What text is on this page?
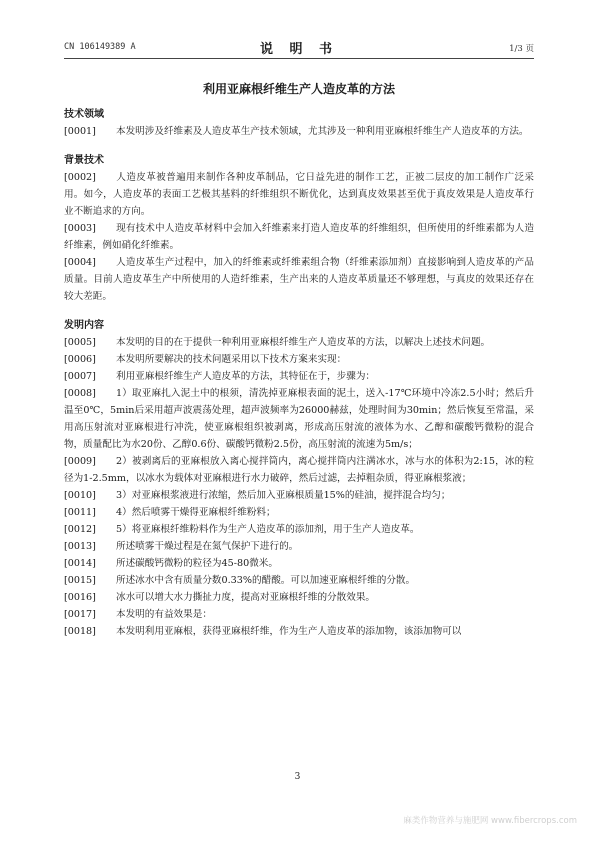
CN 106149389 A	说 明 书	1/3 页
利用亚麻根纤维生产人造皮革的方法

技术领域

[0001] 本发明涉及纤维素及人造皮革生产技术领域，尤其涉及一种利用亚麻根纤维生产人造皮革的方法。

背景技术

[0002] 人造皮革被普遍用来制作各种皮革制品，它日益先进的制作工艺，正被二层皮的加工制作广泛采用。如今，人造皮革的表面工艺极其基料的纤维组织不断优化，达到真皮效果甚至优于真皮效果是人造皮革行业不断追求的方向。

[0003] 现有技术中人造皮革材料中会加入纤维素来打造人造皮革的纤维组织，但所使用的纤维素都为人造纤维素，例如硝化纤维素。

[0004] 人造皮革生产过程中，加入的纤维素或纤维素组合物（纤维素添加剂）直接影响到人造皮革的产品质量。目前人造皮革生产中所使用的人造纤维素，生产出来的人造皮革质量还不够理想，与真皮的效果还存在较大差距。

发明内容

[0005] 本发明的目的在于提供一种利用亚麻根纤维生产人造皮革的方法，以解决上述技术问题。

[0006] 本发明所要解决的技术问题采用以下技术方案来实现：

[0007] 利用亚麻根纤维生产人造皮革的方法，其特征在于，步骤为：

[0008] 1）取亚麻扎入泥土中的根须，清洗掉亚麻根表面的泥土，送入-17℃环境中冷冻2.5小时；然后升温至0℃，5min后采用超声波震荡处理，超声波频率为26000赫兹，处理时间为30min；然后恢复至常温，采用高压射流对亚麻根进行冲洗，使亚麻根组织被剥离，形成高压射流的液体为水、乙醇和碳酸钙微粉的混合物，质量配比为水20份、乙醇0.6份、碳酸钙微粉2.5份，高压射流的流速为5m/s；

[0009] 2）被剥离后的亚麻根放入离心搅拌筒内，离心搅拌筒内注满冰水，冰与水的体积为2:15，冰的粒径为1-2.5mm，以冰水为载体对亚麻根进行水力破碎，然后过滤，去掉粗杂质，得亚麻根浆液；

[0010] 3）对亚麻根浆液进行浓缩，然后加入亚麻根质量15%的硅油，搅拌混合均匀；

[0011] 4）然后喷雾干燥得亚麻根纤维粉料；

[0012] 5）将亚麻根纤维粉料作为生产人造皮革的添加剂，用于生产人造皮革。

[0013] 所述喷雾干燥过程是在氮气保护下进行的。

[0014] 所述碳酸钙微粉的粒径为45-80微米。

[0015] 所述冰水中含有质量分数0.33%的醋酸。可以加速亚麻根纤维的分散。

[0016] 冰水可以增大水力撕扯力度，提高对亚麻根纤维的分散效果。

[0017] 本发明的有益效果是：

[0018] 本发明利用亚麻根，获得亚麻根纤维，作为生产人造皮革的添加物，该添加物可以

3
麻类作物营养与施肥网 www.fibercrops.com
